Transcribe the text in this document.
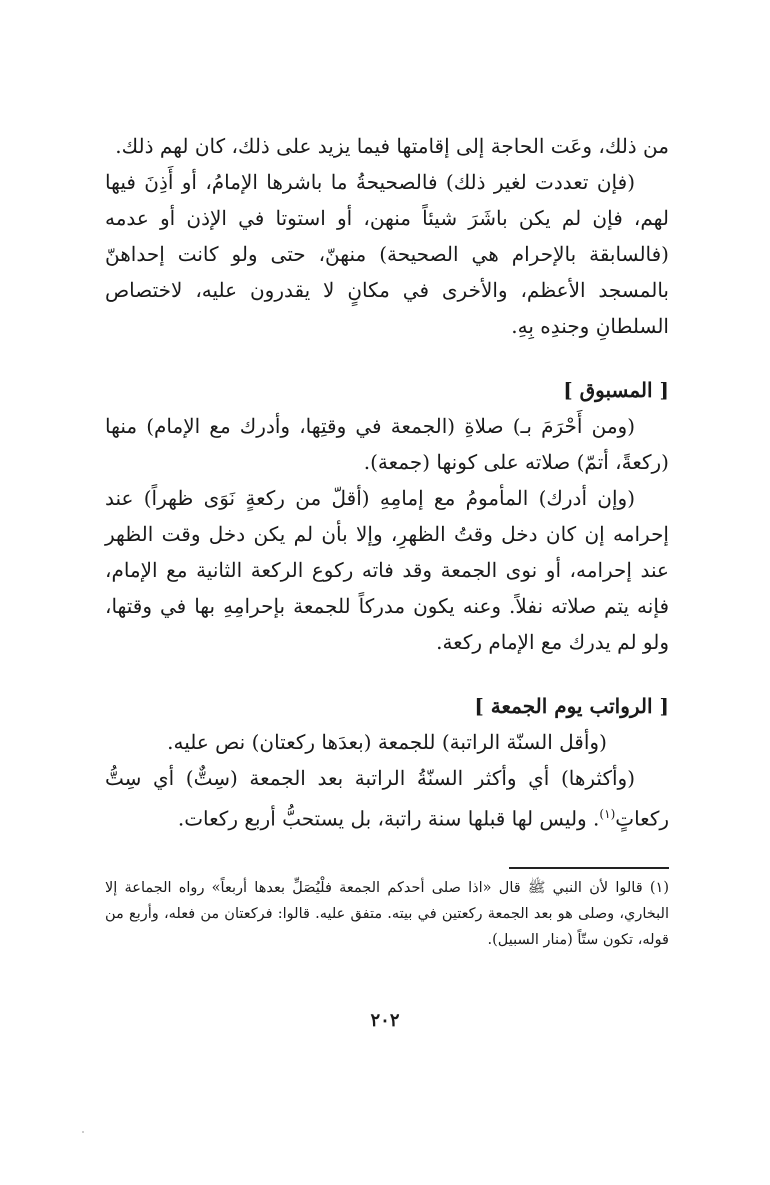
من ذلك، وعَت الحاجة إلى إقامتها فيما يزيد على ذلك، كان لهم ذلك.

(فإن تعددت لغير ذلك) فالصحيحةُ ما باشرها الإمامُ، أو أَذِنَ فيها لهم، فإن لم يكن باشَرَ شيئاً منهن، أو استوتا في الإذن أو عدمه (فالسابقة بالإحرام هي الصحيحة) منهنّ، حتى ولو كانت إحداهنّ بالمسجد الأعظم، والأخرى في مكانٍ لا يقدرون عليه، لاختصاص السلطانِ وجندِه بِهِ.

[ المسبوق ]

(ومن أَحْرَمَ بـ) صلاةِ (الجمعة في وقتِها، وأدرك مع الإمام) منها (ركعةً، أتمّ) صلاته على كونها (جمعة).

(وإن أدرك) المأمومُ مع إمامِهِ (أقلّ من ركعةٍ نَوَى ظهراً) عند إحرامه إن كان دخل وقتُ الظهرِ، وإلا بأن لم يكن دخل وقت الظهر عند إحرامه، أو نوى الجمعة وقد فاته ركوع الركعة الثانية مع الإمام، فإنه يتم صلاته نفلاً. وعنه يكون مدركاً للجمعة بإحرامِهِ بها في وقتها، ولو لم يدرك مع الإمام ركعة.

[ الرواتب يوم الجمعة ]

(وأقل السنّة الراتبة) للجمعة (بعدَها ركعتان) نص عليه.

(وأكثرها) أي وأكثر السنّةُ الراتبة بعد الجمعة (سِتٌّ) أي سِتُّ ركعاتٍ$^{(١)}$. وليس لها قبلها سنة راتبة، بل يستحبُّ أربع ركعات.

(١) قالوا لأن النبي ﷺ قال «اذا صلى أحدكم الجمعة فلْيُصَلِّ بعدها أربعاً» رواه الجماعة إلا البخاري، وصلى هو بعد الجمعة ركعتين في بيته. متفق عليه. قالوا: فركعتان من فعله، وأربع من قوله، تكون ستّاً (منار السبيل).

٢٠٢
